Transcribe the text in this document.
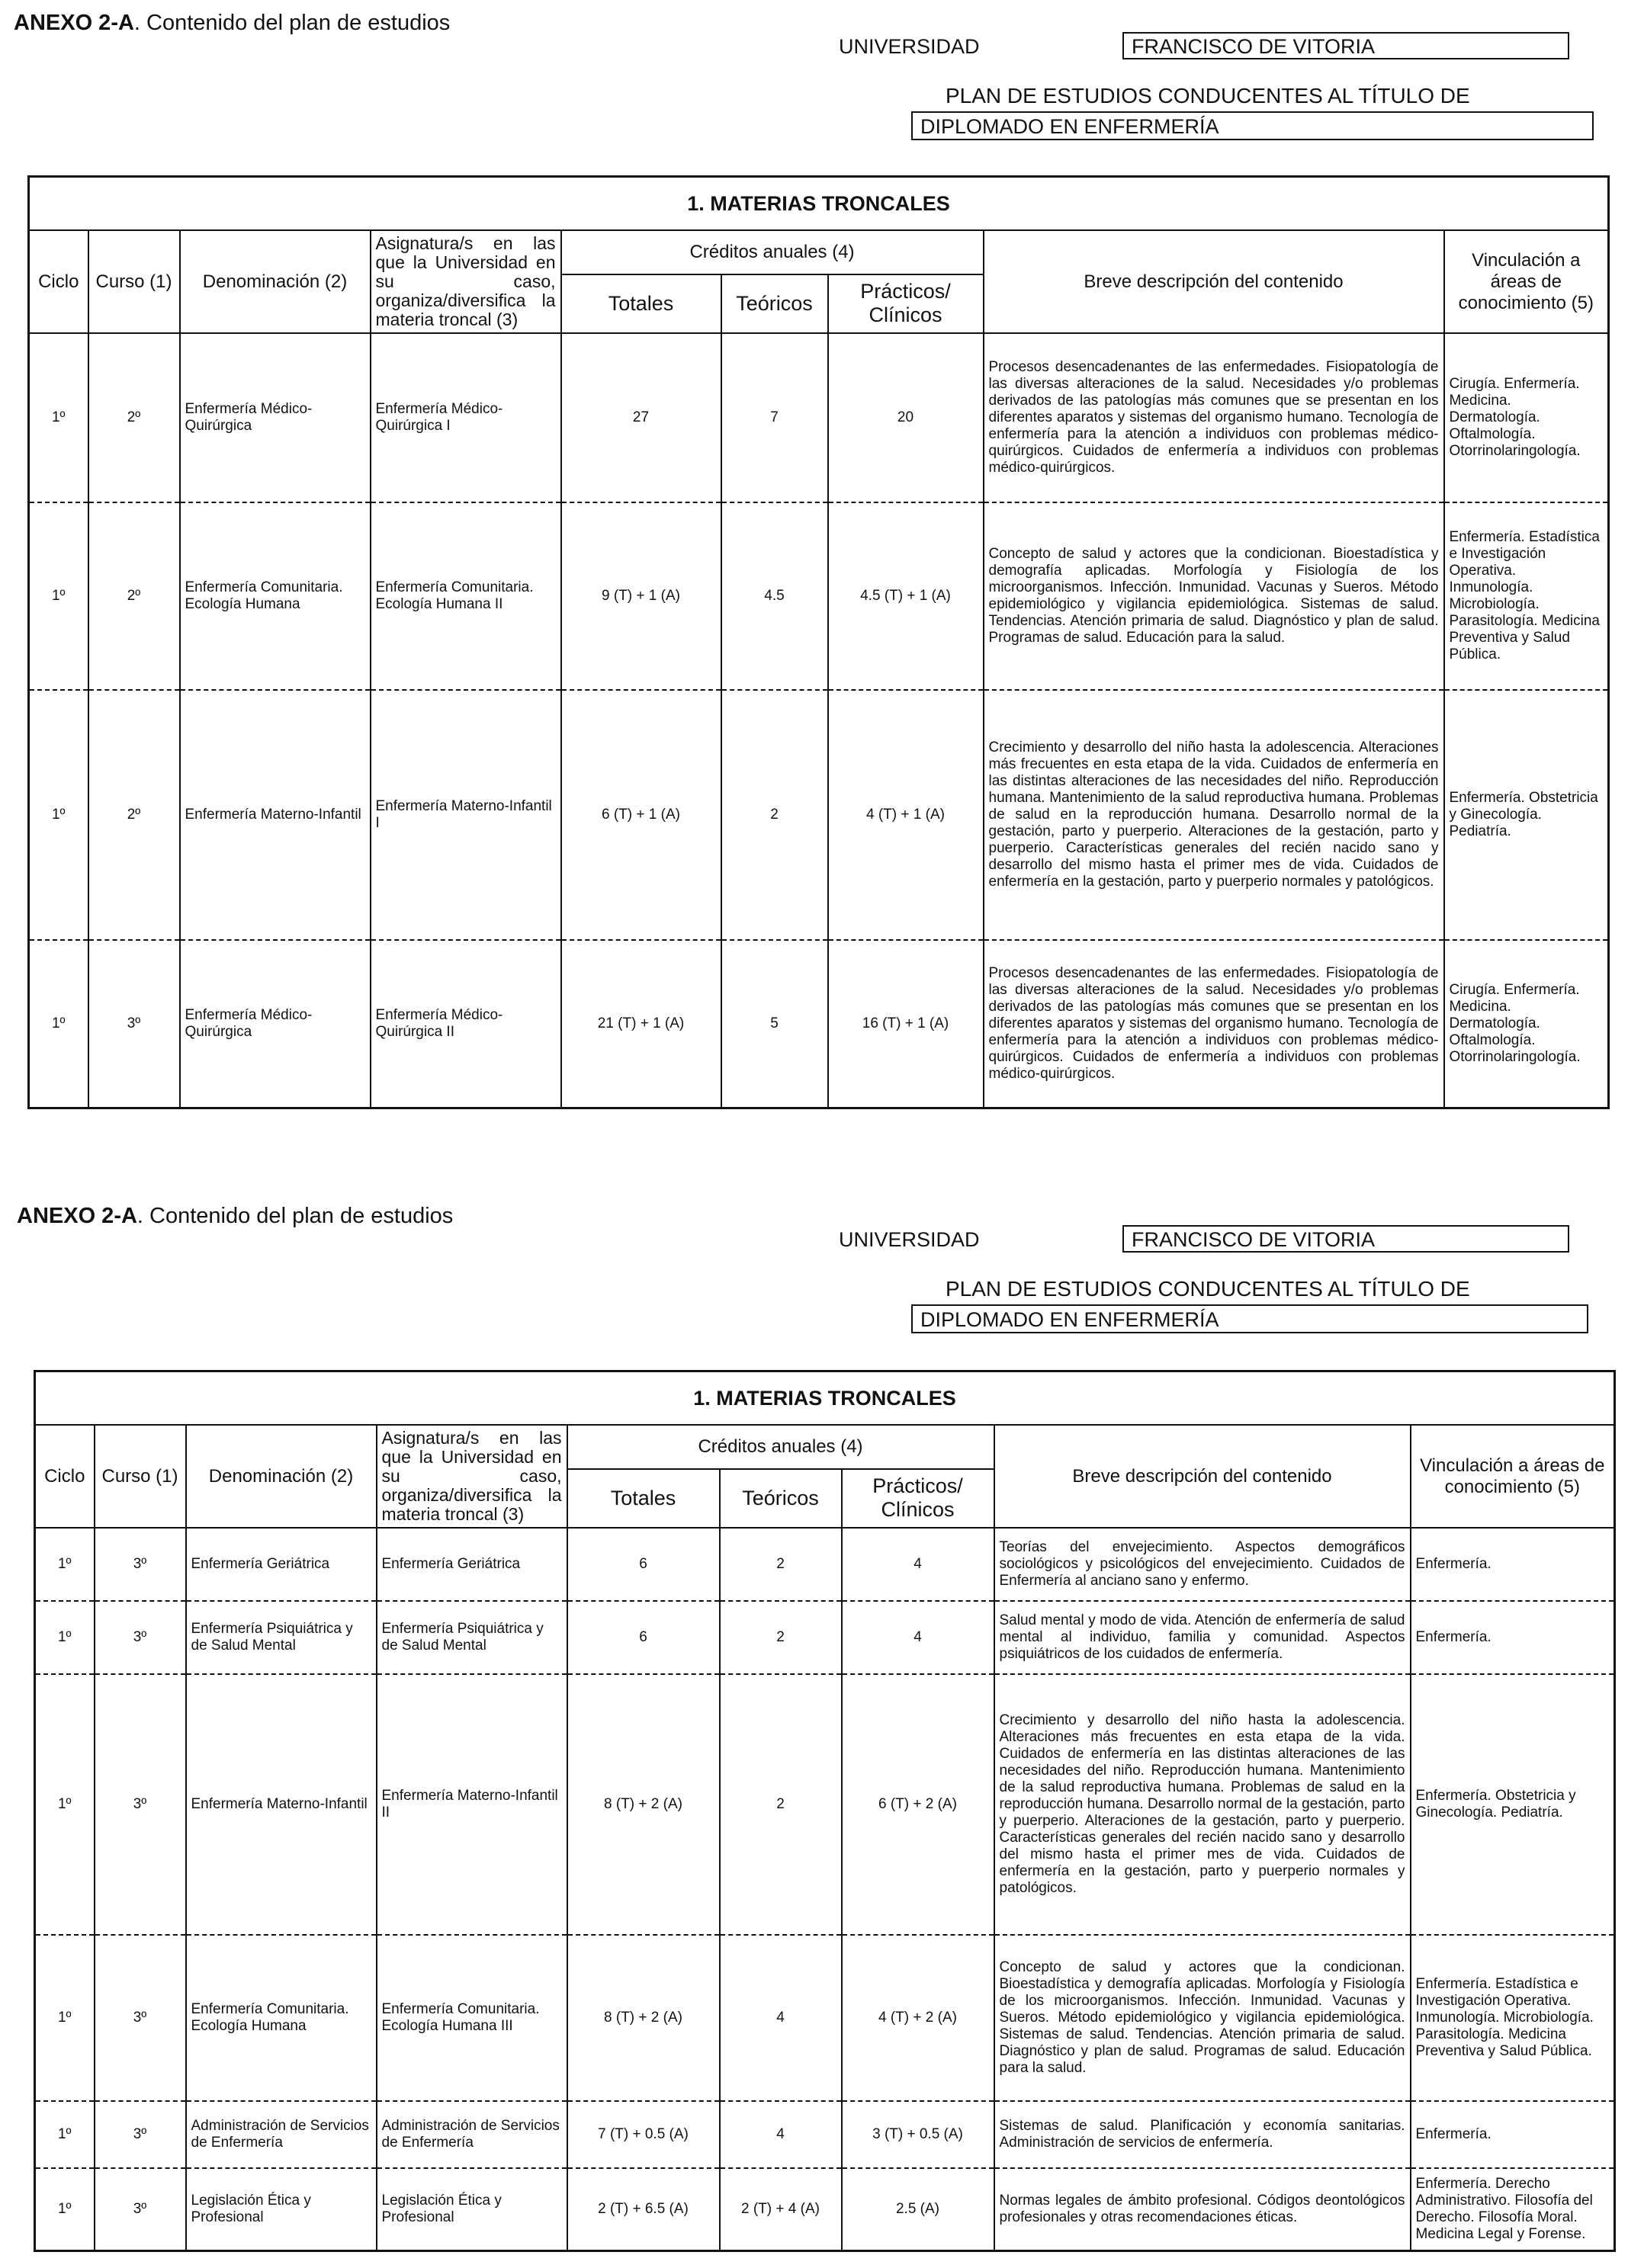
ANEXO 2-A. Contenido del plan de estudios
UNIVERSIDAD	FRANCISCO DE VITORIA
PLAN DE ESTUDIOS CONDUCENTES AL TÍTULO DE
DIPLOMADO EN ENFERMERÍA
1. MATERIAS TRONCALES								
Ciclo	Curso (1)	Denominación (2)	Asignatura/s en las que la Universidad en su caso, organiza/diversifica la materia troncal (3)	Créditos anuales (4)			Breve descripción del contenido	Vinculación a áreas de conocimiento (5)
				Totales	Teóricos	Prácticos/ Clínicos		
1º	2º	Enfermería Médico-Quirúrgica	Enfermería Médico-Quirúrgica I	27	7	20	Procesos desencadenantes de las enfermedades. Fisiopatología de las diversas alteraciones de la salud. Necesidades y/o problemas derivados de las patologías más comunes que se presentan en los diferentes aparatos y sistemas del organismo humano. Tecnología de enfermería para la atención a individuos con problemas médico-quirúrgicos. Cuidados de enfermería a individuos con problemas médico-quirúrgicos.	Cirugía. Enfermería. Medicina. Dermatología. Oftalmología. Otorrinolaringología.
1º	2º	Enfermería Comunitaria. Ecología Humana	Enfermería Comunitaria. Ecología Humana II	9 (T) + 1 (A)	4.5	4.5 (T) + 1 (A)	Concepto de salud y actores que la condicionan. Bioestadística y demografía aplicadas. Morfología y Fisiología de los microorganismos. Infección. Inmunidad. Vacunas y Sueros. Método epidemiológico y vigilancia epidemiológica. Sistemas de salud. Tendencias. Atención primaria de salud. Diagnóstico y plan de salud. Programas de salud. Educación para la salud.	Enfermería. Estadística e Investigación Operativa. Inmunología. Microbiología. Parasitología. Medicina Preventiva y Salud Pública.
1º	2º	Enfermería Materno-Infantil	Enfermería Materno-Infantil I	6 (T) + 1 (A)	2	4 (T) + 1 (A)	Crecimiento y desarrollo del niño hasta la adolescencia. Alteraciones más frecuentes en esta etapa de la vida. Cuidados de enfermería en las distintas alteraciones de las necesidades del niño. Reproducción humana. Mantenimiento de la salud reproductiva humana. Problemas de salud en la reproducción humana. Desarrollo normal de la gestación, parto y puerperio. Alteraciones de la gestación, parto y puerperio. Características generales del recién nacido sano y desarrollo del mismo hasta el primer mes de vida. Cuidados de enfermería en la gestación, parto y puerperio normales y patológicos.	Enfermería. Obstetricia y Ginecología. Pediatría.
1º	3º	Enfermería Médico-Quirúrgica	Enfermería Médico-Quirúrgica II	21 (T) + 1 (A)	5	16 (T) + 1 (A)	Procesos desencadenantes de las enfermedades. Fisiopatología de las diversas alteraciones de la salud. Necesidades y/o problemas derivados de las patologías más comunes que se presentan en los diferentes aparatos y sistemas del organismo humano. Tecnología de enfermería para la atención a individuos con problemas médico-quirúrgicos. Cuidados de enfermería a individuos con problemas médico-quirúrgicos.	Cirugía. Enfermería. Medicina. Dermatología. Oftalmología. Otorrinolaringología.
ANEXO 2-A. Contenido del plan de estudios
UNIVERSIDAD	FRANCISCO DE VITORIA
PLAN DE ESTUDIOS CONDUCENTES AL TÍTULO DE
DIPLOMADO EN ENFERMERÍA
1. MATERIAS TRONCALES								
Ciclo	Curso (1)	Denominación (2)	Asignatura/s en las que la Universidad en su caso, organiza/diversifica la materia troncal (3)	Créditos anuales (4)			Breve descripción del contenido	Vinculación a áreas de conocimiento (5)
				Totales	Teóricos	Prácticos/ Clínicos		
1º	3º	Enfermería Geriátrica	Enfermería Geriátrica	6	2	4	Teorías del envejecimiento. Aspectos demográficos sociológicos y psicológicos del envejecimiento. Cuidados de Enfermería al anciano sano y enfermo.	Enfermería.
1º	3º	Enfermería Psiquiátrica y de Salud Mental	Enfermería Psiquiátrica y de Salud Mental	6	2	4	Salud mental y modo de vida. Atención de enfermería de salud mental al individuo, familia y comunidad. Aspectos psiquiátricos de los cuidados de enfermería.	Enfermería.
1º	3º	Enfermería Materno-Infantil	Enfermería Materno-Infantil II	8 (T) + 2 (A)	2	6 (T) + 2 (A)	Crecimiento y desarrollo del niño hasta la adolescencia. Alteraciones más frecuentes en esta etapa de la vida. Cuidados de enfermería en las distintas alteraciones de las necesidades del niño. Reproducción humana. Mantenimiento de la salud reproductiva humana. Problemas de salud en la reproducción humana. Desarrollo normal de la gestación, parto y puerperio. Alteraciones de la gestación, parto y puerperio. Características generales del recién nacido sano y desarrollo del mismo hasta el primer mes de vida. Cuidados de enfermería en la gestación, parto y puerperio normales y patológicos.	Enfermería. Obstetricia y Ginecología. Pediatría.
1º	3º	Enfermería Comunitaria. Ecología Humana	Enfermería Comunitaria. Ecología Humana III	8 (T) + 2 (A)	4	4 (T) + 2 (A)	Concepto de salud y actores que la condicionan. Bioestadística y demografía aplicadas. Morfología y Fisiología de los microorganismos. Infección. Inmunidad. Vacunas y Sueros. Método epidemiológico y vigilancia epidemiológica. Sistemas de salud. Tendencias. Atención primaria de salud. Diagnóstico y plan de salud. Programas de salud. Educación para la salud.	Enfermería. Estadística e Investigación Operativa. Inmunología. Microbiología. Parasitología. Medicina Preventiva y Salud Pública.
1º	3º	Administración de Servicios de Enfermería	Administración de Servicios de Enfermería	7 (T) + 0.5 (A)	4	3 (T) + 0.5 (A)	Sistemas de salud. Planificación y economía sanitarias. Administración de servicios de enfermería.	Enfermería.
1º	3º	Legislación Ética y Profesional	Legislación Ética y Profesional	2 (T) + 6.5 (A)	2 (T) + 4 (A)	2.5 (A)	Normas legales de ámbito profesional. Códigos deontológicos profesionales y otras recomendaciones éticas.	Enfermería. Derecho Administrativo. Filosofía del Derecho. Filosofía Moral. Medicina Legal y Forense.
